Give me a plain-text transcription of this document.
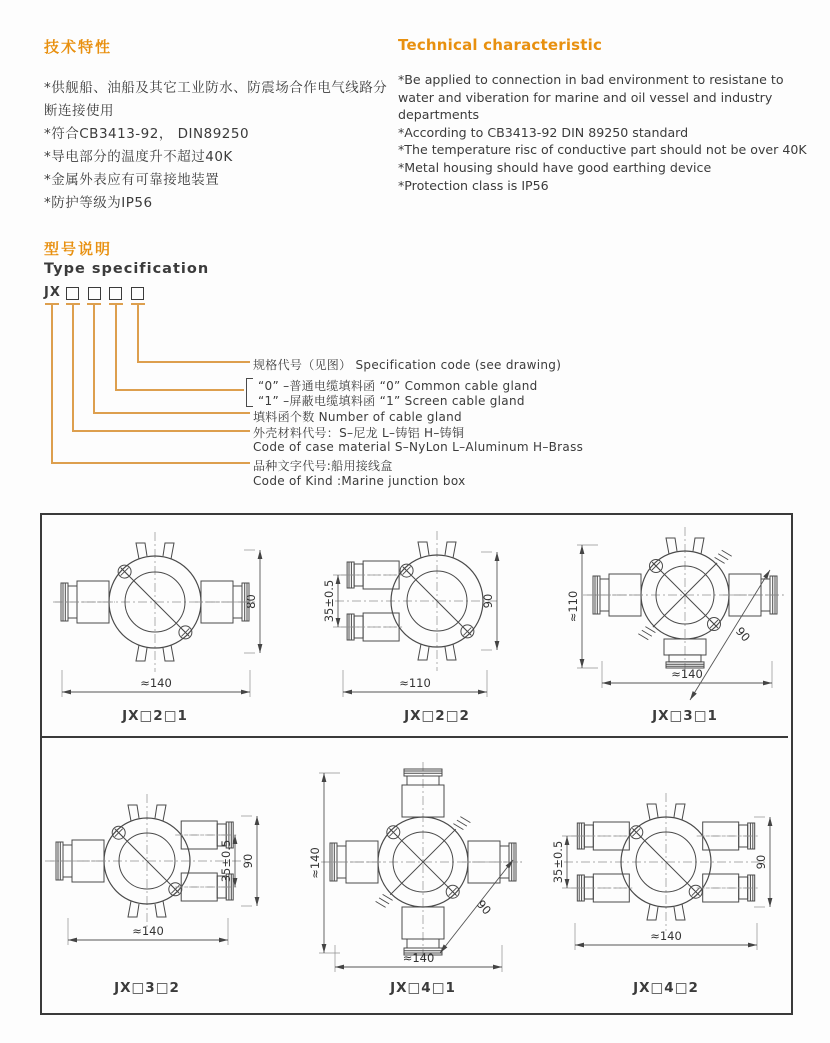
技术特性	Technical characteristic
*供舰船、油船及其它工业防水、防震场合作电气线路分断连接使用
*符合CB3413-92， DIN89250
*导电部分的温度升不超过40K
*金属外表应有可靠接地装置
*防护等级为IP56
*Be applied to connection in bad environment to resistane to water and viberation for marine and oil vessel and industry departments
*According to CB3413-92 DIN 89250 standard
*The temperature risc of conductive part should not be over 40K
*Metal housing should have good earthing device
*Protection class is IP56
型号说明
Type specification
JX
规格代号（见图） Specification code (see drawing)
“0” –普通电缆填料函 “0” Common cable gland
“1” –屏蔽电缆填料函 “1” Screen cable gland
填料函个数 Number of cable gland
外壳材料代号：S–尼龙 L–铸铝 H–铸铜
Code of case material S–NyLon L–Aluminum H–Brass
品种文字代号:船用接线盒
Code of Kind :Marine junction box
≈140
80
JX□2□1
≈110
90
35±0.5
JX□2□2
≈140
≈110
90
JX□3□1
≈140
90
35±0.5
JX□3□2
≈140
≈140
90
JX□4□1
≈140
90
35±0.5
JX□4□2
